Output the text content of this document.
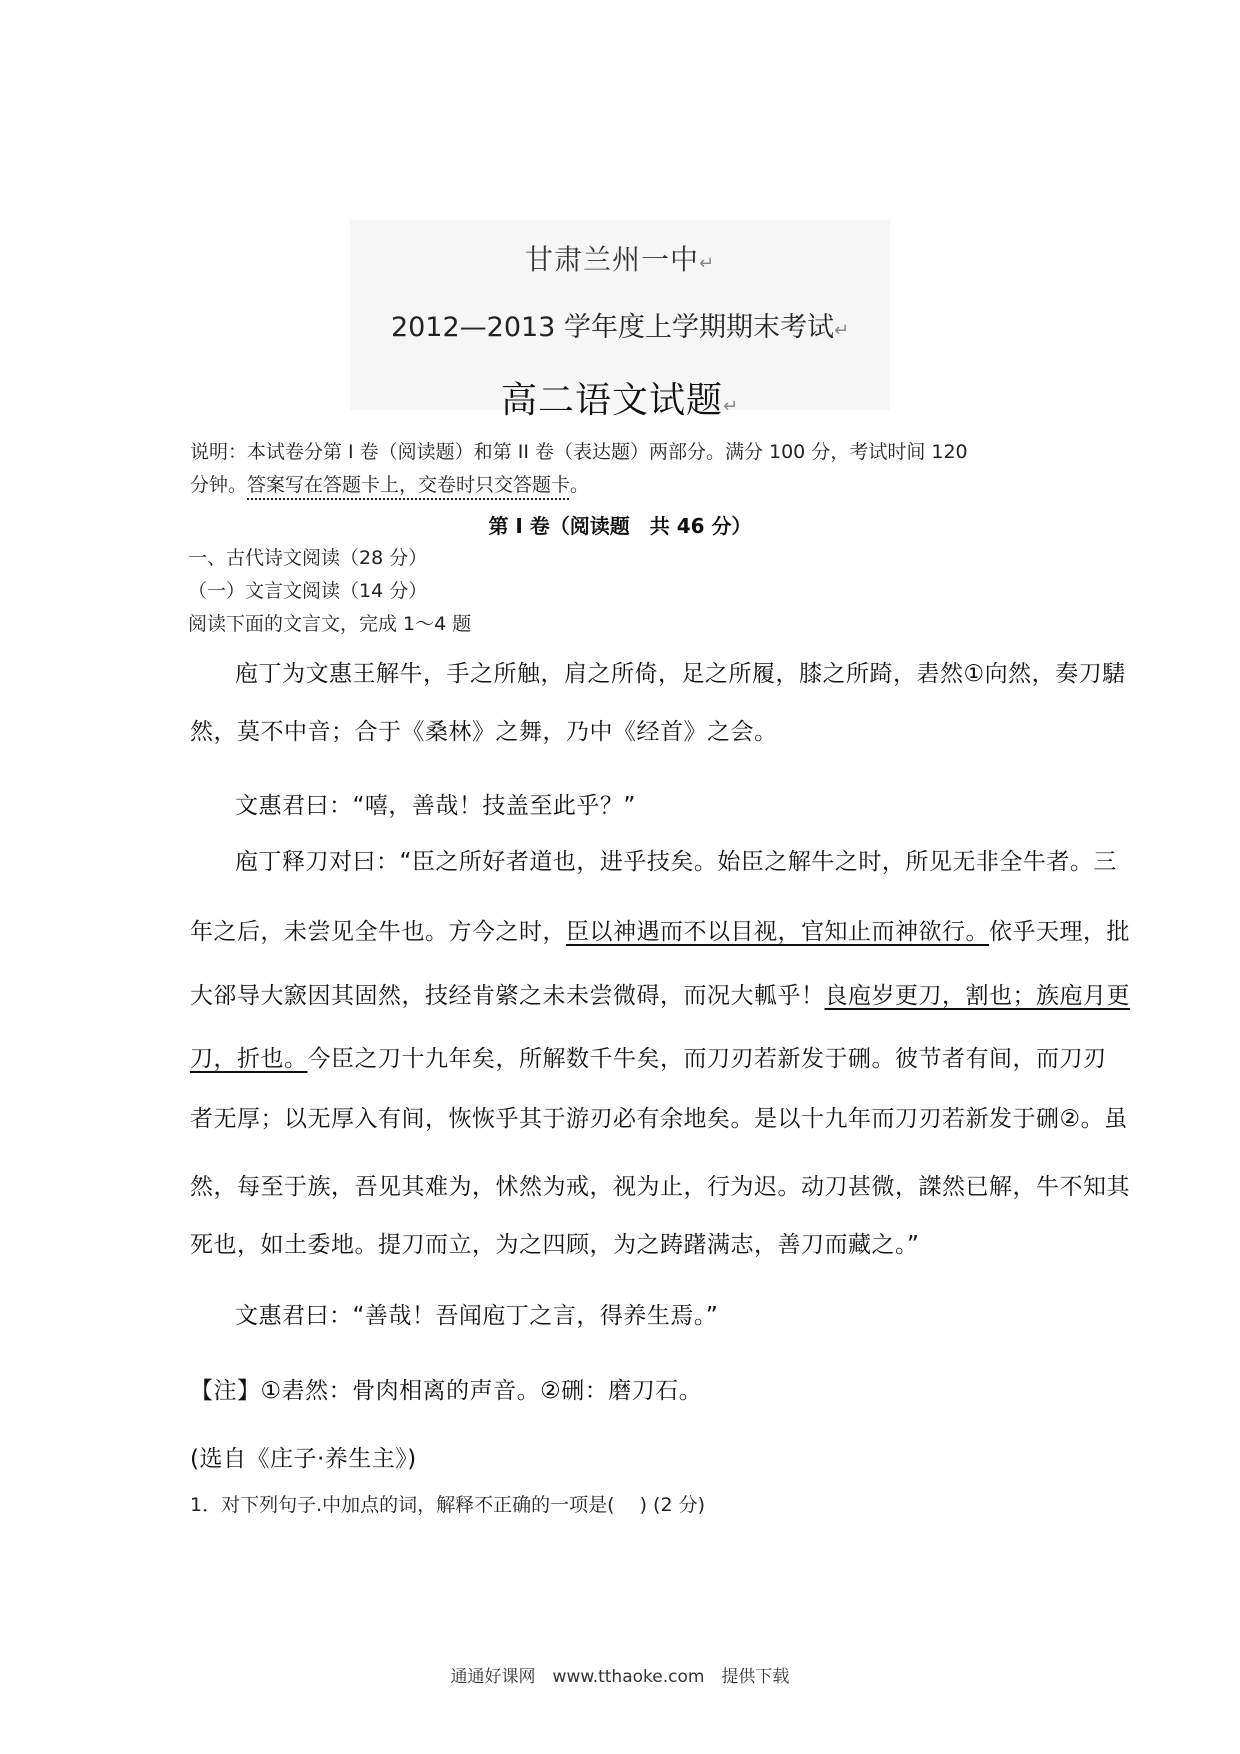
甘肃兰州一中↵
2012—2013 学年度上学期期末考试↵
高二语文试题↵
说明：本试卷分第 I 卷（阅读题）和第 II 卷（表达题）两部分。满分 100 分，考试时间 120
分钟。答案写在答题卡上，交卷时只交答题卡。
第 I 卷（阅读题　共 46 分）
一、古代诗文阅读（28 分）
（一）文言文阅读（14 分）
阅读下面的文言文，完成 1～4 题
庖丁为文惠王解牛，手之所触，肩之所倚，足之所履，膝之所踦，砉然①向然，奏刀騞
然，莫不中音；合于《桑林》之舞，乃中《经首》之会。
文惠君曰：“嘻，善哉！技盖至此乎？”
庖丁释刀对曰：“臣之所好者道也，进乎技矣。始臣之解牛之时，所见无非全牛者。三
年之后，未尝见全牛也。方今之时，臣以神遇而不以目视，官知止而神欲行。依乎天理，批
大郤导大窾因其固然，技经肯綮之未未尝微碍，而况大軱乎！良庖岁更刀，割也；族庖月更
刀，折也。今臣之刀十九年矣，所解数千牛矣，而刀刃若新发于硎。彼节者有间，而刀刃
者无厚；以无厚入有间，恢恢乎其于游刃必有余地矣。是以十九年而刀刃若新发于硎②。虽
然，每至于族，吾见其难为，怵然为戒，视为止，行为迟。动刀甚微，謋然已解，牛不知其
死也，如土委地。提刀而立，为之四顾，为之踌躇满志，善刀而藏之。”
文惠君曰：“善哉！吾闻庖丁之言，得养生焉。”
【注】①砉然：骨肉相离的声音。②硎：磨刀石。
(选自《庄子·养生主》)
1．对下列句子.中加点的词，解释不正确的一项是(　 ) (2 分)
通通好课网　www.tthaoke.com　提供下载
